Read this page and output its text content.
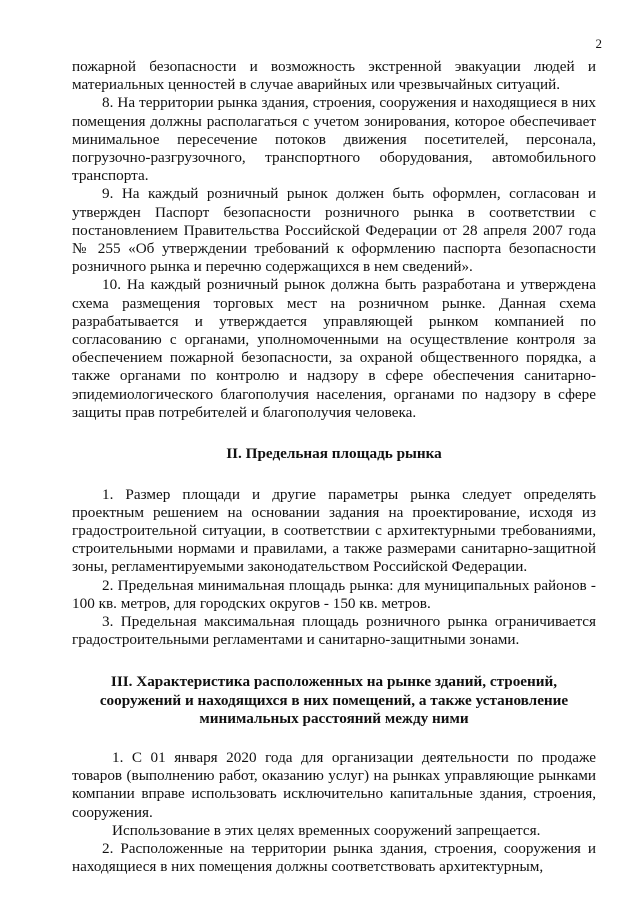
2

пожарной безопасности и возможность экстренной эвакуации людей и материальных ценностей в случае аварийных или чрезвычайных ситуаций.

8. На территории рынка здания, строения, сооружения и находящиеся в них помещения должны располагаться с учетом зонирования, которое обеспечивает минимальное пересечение потоков движения посетителей, персонала, погрузочно-разгрузочного, транспортного оборудования, автомобильного транспорта.

9. На каждый розничный рынок должен быть оформлен, согласован и утвержден Паспорт безопасности розничного рынка в соответствии с постановлением Правительства Российской Федерации от 28 апреля 2007 года № 255 «Об утверждении требований к оформлению паспорта безопасности розничного рынка и перечню содержащихся в нем сведений».

10. На каждый розничный рынок должна быть разработана и утверждена схема размещения торговых мест на розничном рынке. Данная схема разрабатывается и утверждается управляющей рынком компанией по согласованию с органами, уполномоченными на осуществление контроля за обеспечением пожарной безопасности, за охраной общественного порядка, а также органами по контролю и надзору в сфере обеспечения санитарно-эпидемиологического благополучия населения, органами по надзору в сфере защиты прав потребителей и благополучия человека.

II. Предельная площадь рынка

1. Размер площади и другие параметры рынка следует определять проектным решением на основании задания на проектирование, исходя из градостроительной ситуации, в соответствии с архитектурными требованиями, строительными нормами и правилами, а также размерами санитарно-защитной зоны, регламентируемыми законодательством Российской Федерации.

2. Предельная минимальная площадь рынка: для муниципальных районов - 100 кв. метров, для городских округов - 150 кв. метров.

3. Предельная максимальная площадь розничного рынка ограничивается градостроительными регламентами и санитарно-защитными зонами.

III. Характеристика расположенных на рынке зданий, строений, сооружений и находящихся в них помещений, а также установление минимальных расстояний между ними

1. С 01 января 2020 года для организации деятельности по продаже товаров (выполнению работ, оказанию услуг) на рынках управляющие рынками компании вправе использовать исключительно капитальные здания, строения, сооружения.

Использование в этих целях временных сооружений запрещается.

2. Расположенные на территории рынка здания, строения, сооружения и находящиеся в них помещения должны соответствовать архитектурным,
